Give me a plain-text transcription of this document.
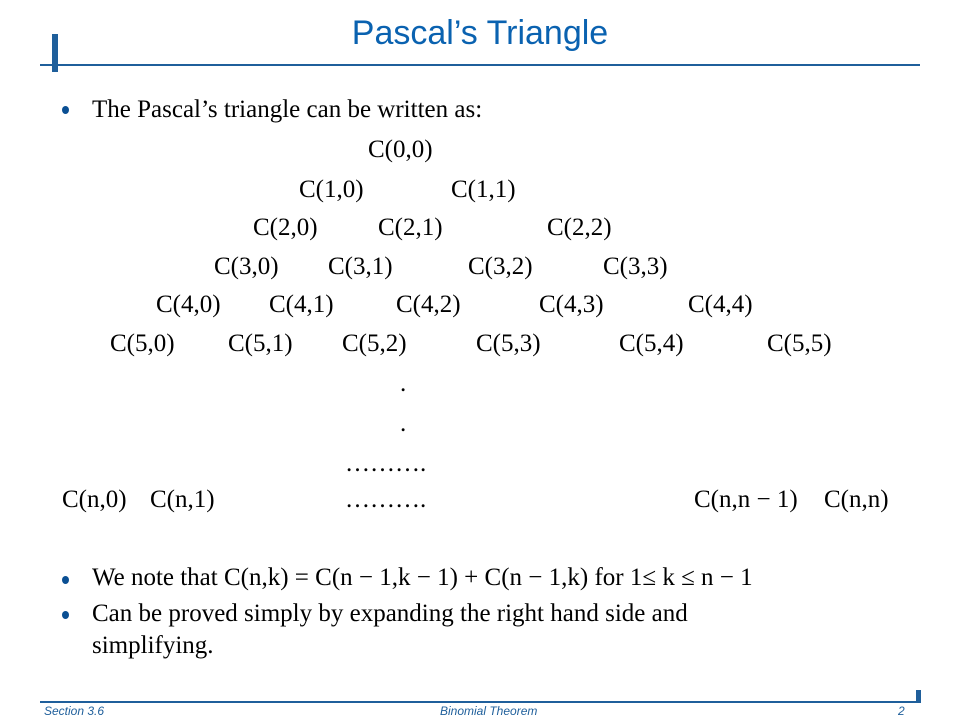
Pascal’s Triangle
The Pascal’s triangle can be written as:
C(0,0)
C(1,0)	C(1,1)
C(2,0) C(2,1)	C(2,2)
C(3,0) C(3,1)	C(3,2)	C(3,3)
C(4,0) C(4,1) C(4,2)	C(4,3)	C(4,4)
C(5,0) C(5,1) C(5,2)	C(5,3)	C(5,4)	C(5,5)
.
.
……….
C(n,0) C(n,1)	……….	C(n,n − 1) C(n,n)
We note that C(n,k) = C(n − 1,k − 1) + C(n − 1,k) for 1≤ k ≤ n − 1
Can be proved simply by expanding the right hand side and
simplifying.
Section 3.6	Binomial Theorem	2
